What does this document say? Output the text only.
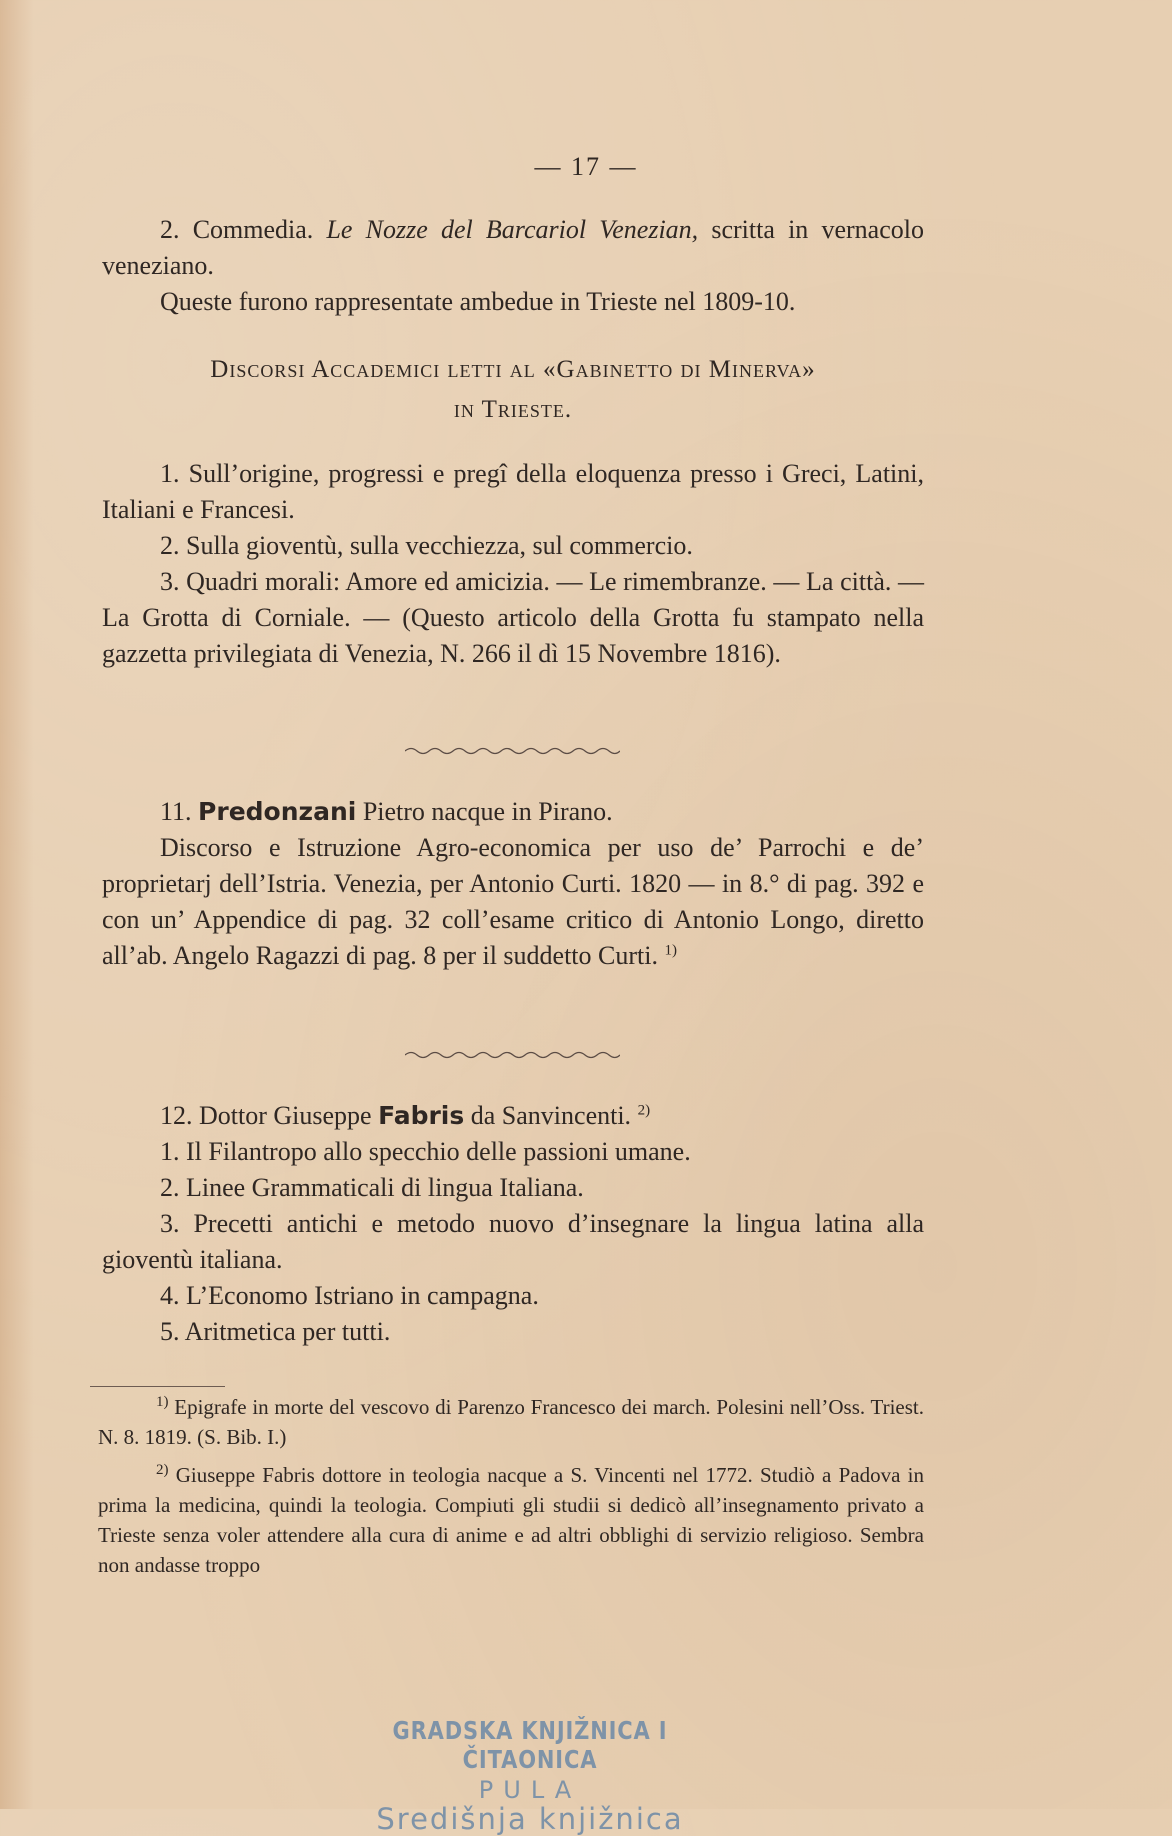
— 17 —

2. Commedia. Le Nozze del Barcariol Venezian, scritta in vernacolo veneziano.

Queste furono rappresentate ambedue in Trieste nel 1809-10.

Discorsi Accademici letti al «Gabinetto di Minerva»

in Trieste.

1. Sull’origine, progressi e pregî della eloquenza presso i Greci, Latini, Italiani e Francesi.

2. Sulla gioventù, sulla vecchiezza, sul commercio.

3. Quadri morali: Amore ed amicizia. — Le rimembranze. — La città. — La Grotta di Corniale. — (Questo articolo della Grotta fu stampato nella gazzetta privilegiata di Venezia, N. 266 il dì 15 Novembre 1816).

11. Predonzani Pietro nacque in Pirano.

Discorso e Istruzione Agro-economica per uso de’ Parrochi e de’ proprietarj dell’Istria. Venezia, per Antonio Curti. 1820 — in 8.° di pag. 392 e con un’ Appendice di pag. 32 coll’esame critico di Antonio Longo, diretto all’ab. Angelo Ragazzi di pag. 8 per il suddetto Curti. $^{1)}$

12. Dottor Giuseppe Fabris da Sanvincenti. $^{2)}$

1. Il Filantropo allo specchio delle passioni umane.

2. Linee Grammaticali di lingua Italiana.

3. Precetti antichi e metodo nuovo d’insegnare la lingua latina alla gioventù italiana.

4. L’Economo Istriano in campagna.

5. Aritmetica per tutti.

$^{1)}$ Epigrafe in morte del vescovo di Parenzo Francesco dei march. Polesini nell’Oss. Triest. N. 8. 1819. (S. Bib. I.)

$^{2)}$ Giuseppe Fabris dottore in teologia nacque a S. Vincenti nel 1772. Studiò a Padova in prima la medicina, quindi la teologia. Compiuti gli studii si dedicò all’insegnamento privato a Trieste senza voler attendere alla cura di anime e ad altri obblighi di servizio religioso. Sembra non andasse troppo

GRADSKA KNJIŽNICA I ČITAONICA
PULA
Središnja knjižnica
